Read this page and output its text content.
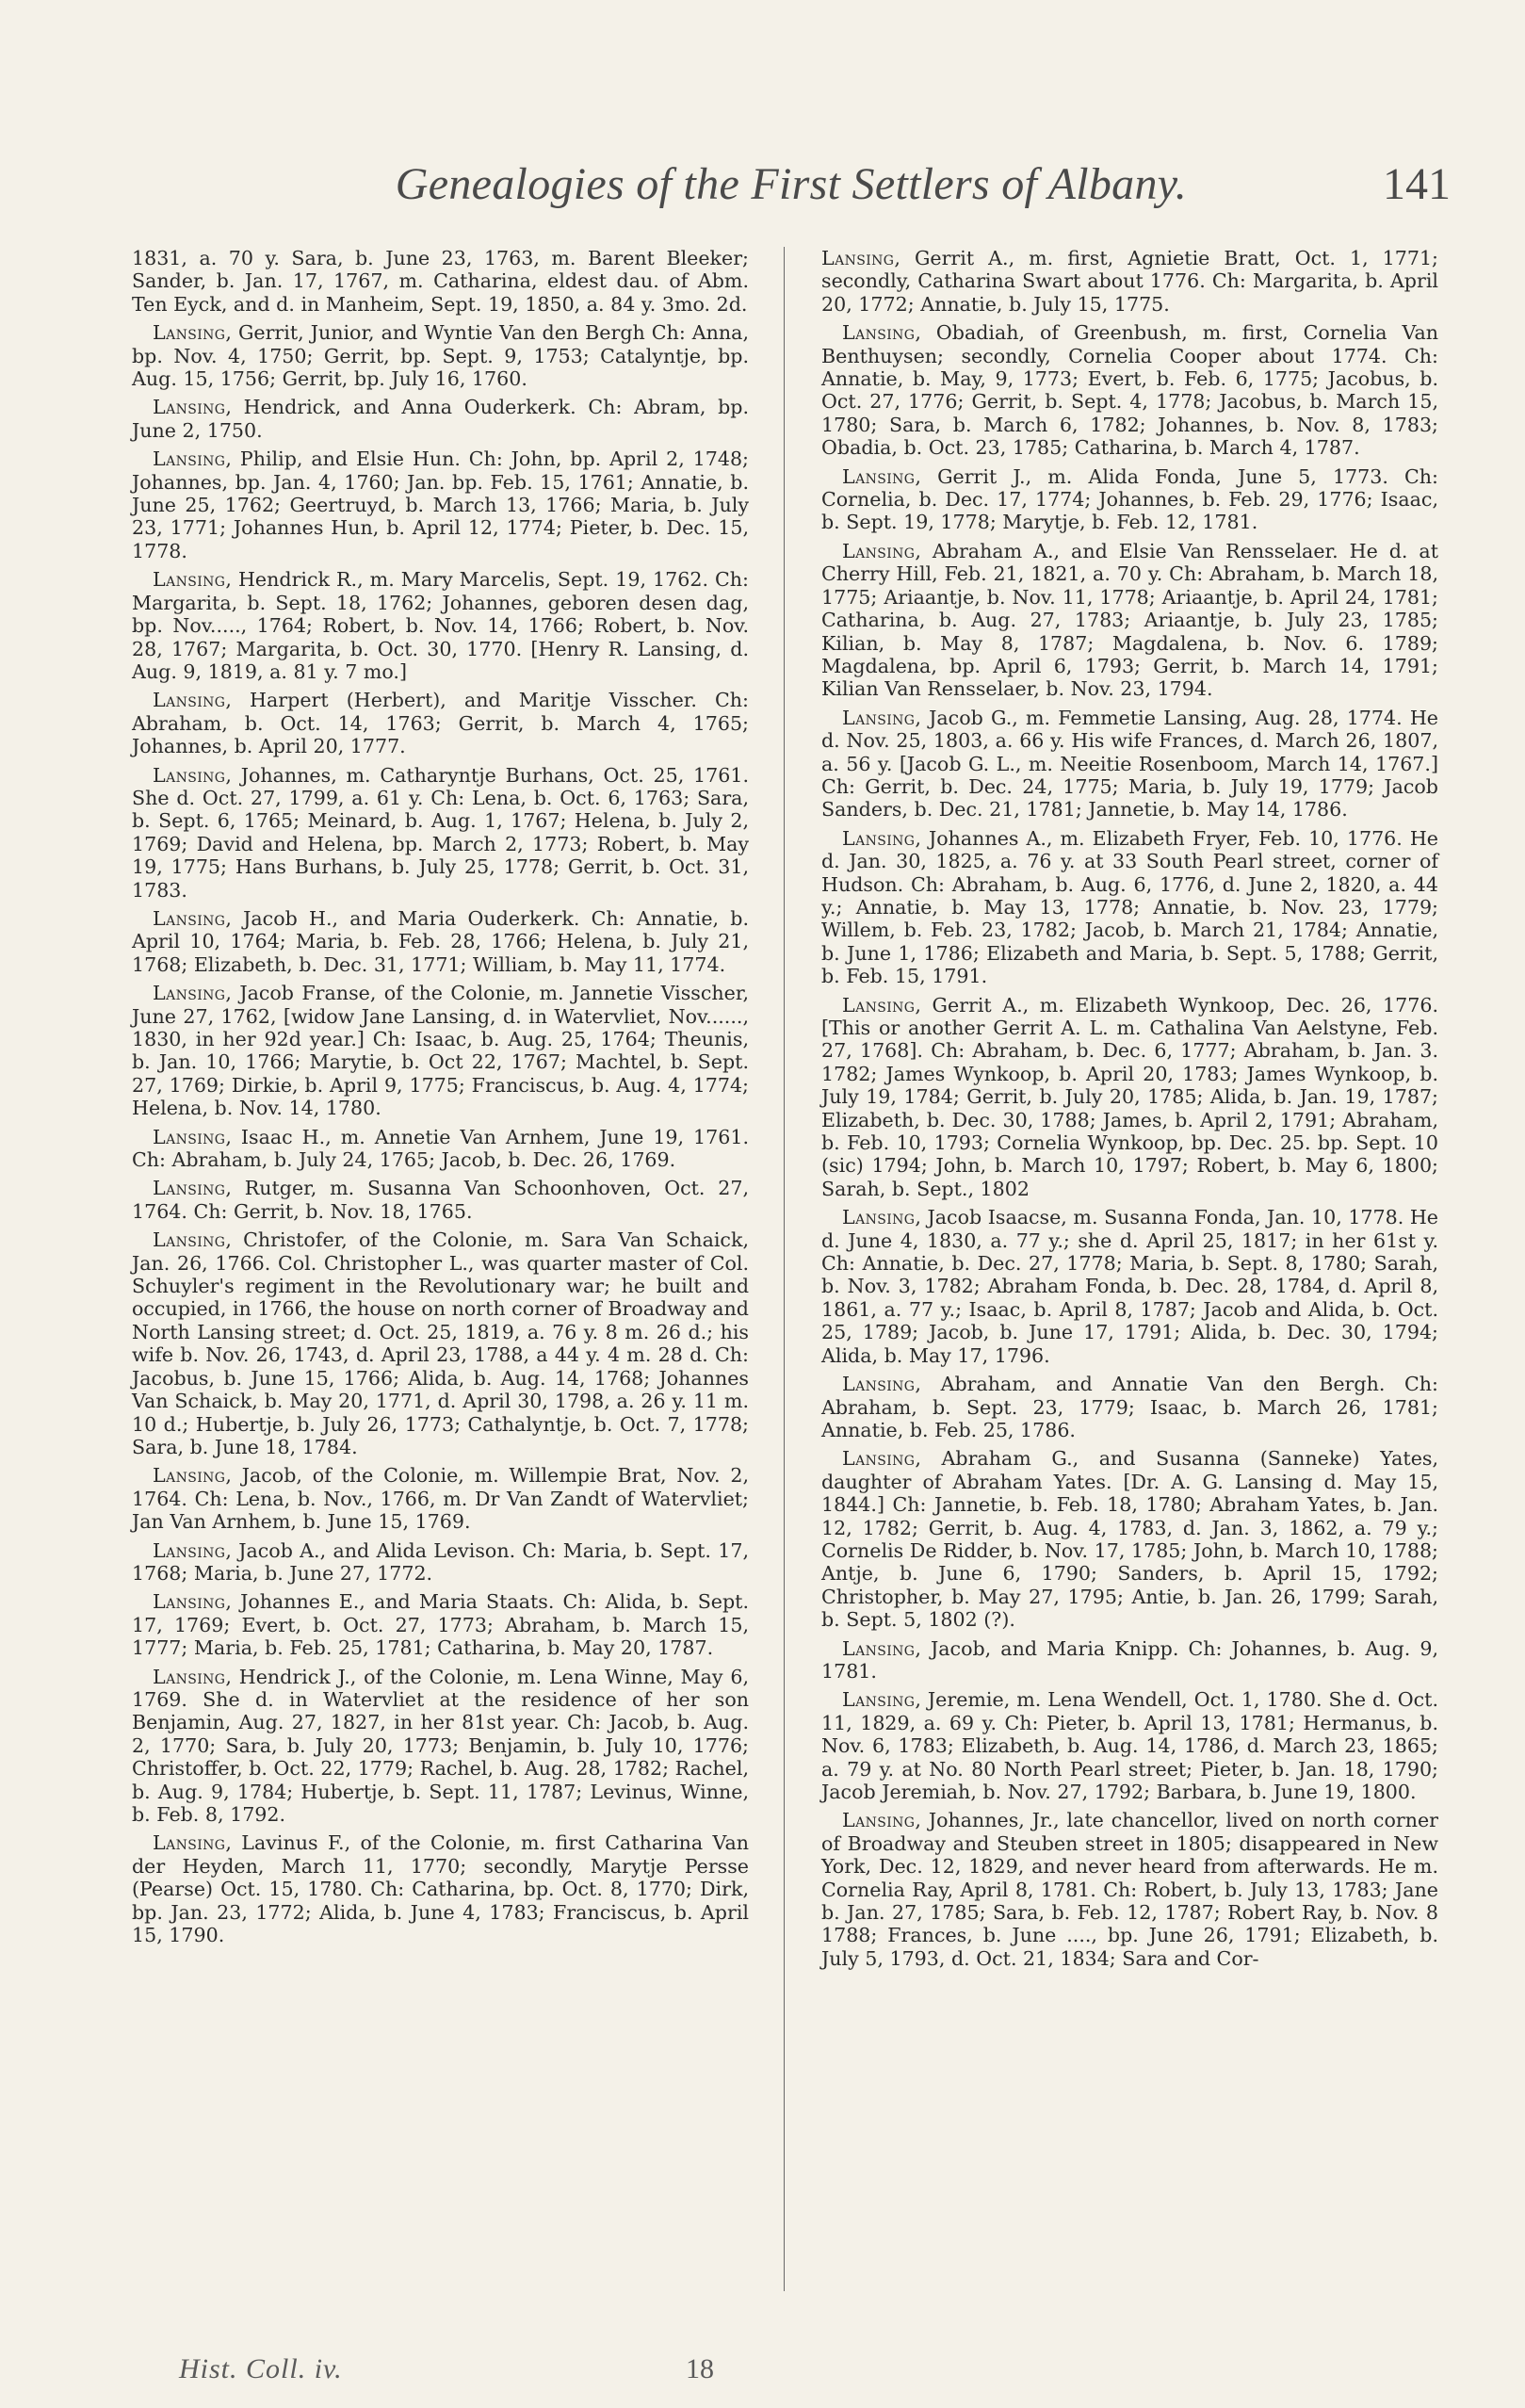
Genealogies of the First Settlers of Albany.	141

1831, a. 70 y. Sara, b. June 23, 1763, m. Barent Bleeker; Sander, b. Jan. 17, 1767, m. Catharina, eldest dau. of Abm. Ten Eyck, and d. in Manheim, Sept. 19, 1850, a. 84 y. 3mo. 2d.

Lansing, Gerrit, Junior, and Wyntie Van den Bergh Ch: Anna, bp. Nov. 4, 1750; Gerrit, bp. Sept. 9, 1753; Catalyntje, bp. Aug. 15, 1756; Gerrit, bp. July 16, 1760.

Lansing, Hendrick, and Anna Ouderkerk. Ch: Abram, bp. June 2, 1750.

Lansing, Philip, and Elsie Hun. Ch: John, bp. April 2, 1748; Johannes, bp. Jan. 4, 1760; Jan. bp. Feb. 15, 1761; Annatie, b. June 25, 1762; Geertruyd, b. March 13, 1766; Maria, b. July 23, 1771; Johannes Hun, b. April 12, 1774; Pieter, b. Dec. 15, 1778.

Lansing, Hendrick R., m. Mary Marcelis, Sept. 19, 1762. Ch: Margarita, b. Sept. 18, 1762; Johannes, geboren desen dag, bp. Nov....., 1764; Robert, b. Nov. 14, 1766; Robert, b. Nov. 28, 1767; Margarita, b. Oct. 30, 1770. [Henry R. Lansing, d. Aug. 9, 1819, a. 81 y. 7 mo.]

Lansing, Harpert (Herbert), and Maritje Visscher. Ch: Abraham, b. Oct. 14, 1763; Gerrit, b. March 4, 1765; Johannes, b. April 20, 1777.

Lansing, Johannes, m. Catharyntje Burhans, Oct. 25, 1761. She d. Oct. 27, 1799, a. 61 y. Ch: Lena, b. Oct. 6, 1763; Sara, b. Sept. 6, 1765; Meinard, b. Aug. 1, 1767; Helena, b. July 2, 1769; David and Helena, bp. March 2, 1773; Robert, b. May 19, 1775; Hans Burhans, b. July 25, 1778; Gerrit, b. Oct. 31, 1783.

Lansing, Jacob H., and Maria Ouderkerk. Ch: Annatie, b. April 10, 1764; Maria, b. Feb. 28, 1766; Helena, b. July 21, 1768; Elizabeth, b. Dec. 31, 1771; William, b. May 11, 1774.

Lansing, Jacob Franse, of the Colonie, m. Jannetie Visscher, June 27, 1762, [widow Jane Lansing, d. in Watervliet, Nov......, 1830, in her 92d year.] Ch: Isaac, b. Aug. 25, 1764; Theunis, b. Jan. 10, 1766; Marytie, b. Oct 22, 1767; Machtel, b. Sept. 27, 1769; Dirkie, b. April 9, 1775; Franciscus, b. Aug. 4, 1774; Helena, b. Nov. 14, 1780.

Lansing, Isaac H., m. Annetie Van Arnhem, June 19, 1761. Ch: Abraham, b. July 24, 1765; Jacob, b. Dec. 26, 1769.

Lansing, Rutger, m. Susanna Van Schoonhoven, Oct. 27, 1764. Ch: Gerrit, b. Nov. 18, 1765.

Lansing, Christofer, of the Colonie, m. Sara Van Schaick, Jan. 26, 1766. Col. Christopher L., was quarter master of Col. Schuyler's regiment in the Revolutionary war; he built and occupied, in 1766, the house on north corner of Broadway and North Lansing street; d. Oct. 25, 1819, a. 76 y. 8 m. 26 d.; his wife b. Nov. 26, 1743, d. April 23, 1788, a 44 y. 4 m. 28 d. Ch: Jacobus, b. June 15, 1766; Alida, b. Aug. 14, 1768; Johannes Van Schaick, b. May 20, 1771, d. April 30, 1798, a. 26 y. 11 m. 10 d.; Hubertje, b. July 26, 1773; Cathalyntje, b. Oct. 7, 1778; Sara, b. June 18, 1784.

Lansing, Jacob, of the Colonie, m. Willempie Brat, Nov. 2, 1764. Ch: Lena, b. Nov., 1766, m. Dr Van Zandt of Watervliet; Jan Van Arnhem, b. June 15, 1769.

Lansing, Jacob A., and Alida Levison. Ch: Maria, b. Sept. 17, 1768; Maria, b. June 27, 1772.

Lansing, Johannes E., and Maria Staats. Ch: Alida, b. Sept. 17, 1769; Evert, b. Oct. 27, 1773; Abraham, b. March 15, 1777; Maria, b. Feb. 25, 1781; Catharina, b. May 20, 1787.

Lansing, Hendrick J., of the Colonie, m. Lena Winne, May 6, 1769. She d. in Watervliet at the residence of her son Benjamin, Aug. 27, 1827, in her 81st year. Ch: Jacob, b. Aug. 2, 1770; Sara, b. July 20, 1773; Benjamin, b. July 10, 1776; Christoffer, b. Oct. 22, 1779; Rachel, b. Aug. 28, 1782; Rachel, b. Aug. 9, 1784; Hubertje, b. Sept. 11, 1787; Levinus, Winne, b. Feb. 8, 1792.

Lansing, Lavinus F., of the Colonie, m. first Catharina Van der Heyden, March 11, 1770; secondly, Marytje Persse (Pearse) Oct. 15, 1780. Ch: Catharina, bp. Oct. 8, 1770; Dirk, bp. Jan. 23, 1772; Alida, b. June 4, 1783; Franciscus, b. April 15, 1790.

Lansing, Gerrit A., m. first, Agnietie Bratt, Oct. 1, 1771; secondly, Catharina Swart about 1776. Ch: Margarita, b. April 20, 1772; Annatie, b. July 15, 1775.

Lansing, Obadiah, of Greenbush, m. first, Cornelia Van Benthuysen; secondly, Cornelia Cooper about 1774. Ch: Annatie, b. May, 9, 1773; Evert, b. Feb. 6, 1775; Jacobus, b. Oct. 27, 1776; Gerrit, b. Sept. 4, 1778; Jacobus, b. March 15, 1780; Sara, b. March 6, 1782; Johannes, b. Nov. 8, 1783; Obadia, b. Oct. 23, 1785; Catharina, b. March 4, 1787.

Lansing, Gerrit J., m. Alida Fonda, June 5, 1773. Ch: Cornelia, b. Dec. 17, 1774; Johannes, b. Feb. 29, 1776; Isaac, b. Sept. 19, 1778; Marytje, b. Feb. 12, 1781.

Lansing, Abraham A., and Elsie Van Rensselaer. He d. at Cherry Hill, Feb. 21, 1821, a. 70 y. Ch: Abraham, b. March 18, 1775; Ariaantje, b. Nov. 11, 1778; Ariaantje, b. April 24, 1781; Catharina, b. Aug. 27, 1783; Ariaantje, b. July 23, 1785; Kilian, b. May 8, 1787; Magdalena, b. Nov. 6. 1789; Magdalena, bp. April 6, 1793; Gerrit, b. March 14, 1791; Kilian Van Rensselaer, b. Nov. 23, 1794.

Lansing, Jacob G., m. Femmetie Lansing, Aug. 28, 1774. He d. Nov. 25, 1803, a. 66 y. His wife Frances, d. March 26, 1807, a. 56 y. [Jacob G. L., m. Neeitie Rosenboom, March 14, 1767.] Ch: Gerrit, b. Dec. 24, 1775; Maria, b. July 19, 1779; Jacob Sanders, b. Dec. 21, 1781; Jannetie, b. May 14, 1786.

Lansing, Johannes A., m. Elizabeth Fryer, Feb. 10, 1776. He d. Jan. 30, 1825, a. 76 y. at 33 South Pearl street, corner of Hudson. Ch: Abraham, b. Aug. 6, 1776, d. June 2, 1820, a. 44 y.; Annatie, b. May 13, 1778; Annatie, b. Nov. 23, 1779; Willem, b. Feb. 23, 1782; Jacob, b. March 21, 1784; Annatie, b. June 1, 1786; Elizabeth and Maria, b. Sept. 5, 1788; Gerrit, b. Feb. 15, 1791.

Lansing, Gerrit A., m. Elizabeth Wynkoop, Dec. 26, 1776. [This or another Gerrit A. L. m. Cathalina Van Aelstyne, Feb. 27, 1768]. Ch: Abraham, b. Dec. 6, 1777; Abraham, b. Jan. 3. 1782; James Wynkoop, b. April 20, 1783; James Wynkoop, b. July 19, 1784; Gerrit, b. July 20, 1785; Alida, b. Jan. 19, 1787; Elizabeth, b. Dec. 30, 1788; James, b. April 2, 1791; Abraham, b. Feb. 10, 1793; Cornelia Wynkoop, bp. Dec. 25. bp. Sept. 10 (sic) 1794; John, b. March 10, 1797; Robert, b. May 6, 1800; Sarah, b. Sept., 1802

Lansing, Jacob Isaacse, m. Susanna Fonda, Jan. 10, 1778. He d. June 4, 1830, a. 77 y.; she d. April 25, 1817; in her 61st y. Ch: Annatie, b. Dec. 27, 1778; Maria, b. Sept. 8, 1780; Sarah, b. Nov. 3, 1782; Abraham Fonda, b. Dec. 28, 1784, d. April 8, 1861, a. 77 y.; Isaac, b. April 8, 1787; Jacob and Alida, b. Oct. 25, 1789; Jacob, b. June 17, 1791; Alida, b. Dec. 30, 1794; Alida, b. May 17, 1796.

Lansing, Abraham, and Annatie Van den Bergh. Ch: Abraham, b. Sept. 23, 1779; Isaac, b. March 26, 1781; Annatie, b. Feb. 25, 1786.

Lansing, Abraham G., and Susanna (Sanneke) Yates, daughter of Abraham Yates. [Dr. A. G. Lansing d. May 15, 1844.] Ch: Jannetie, b. Feb. 18, 1780; Abraham Yates, b. Jan. 12, 1782; Gerrit, b. Aug. 4, 1783, d. Jan. 3, 1862, a. 79 y.; Cornelis De Ridder, b. Nov. 17, 1785; John, b. March 10, 1788; Antje, b. June 6, 1790; Sanders, b. April 15, 1792; Christopher, b. May 27, 1795; Antie, b. Jan. 26, 1799; Sarah, b. Sept. 5, 1802 (?).

Lansing, Jacob, and Maria Knipp. Ch: Johannes, b. Aug. 9, 1781.

Lansing, Jeremie, m. Lena Wendell, Oct. 1, 1780. She d. Oct. 11, 1829, a. 69 y. Ch: Pieter, b. April 13, 1781; Hermanus, b. Nov. 6, 1783; Elizabeth, b. Aug. 14, 1786, d. March 23, 1865; a. 79 y. at No. 80 North Pearl street; Pieter, b. Jan. 18, 1790; Jacob Jeremiah, b. Nov. 27, 1792; Barbara, b. June 19, 1800.

Lansing, Johannes, Jr., late chancellor, lived on north corner of Broadway and Steuben street in 1805; disappeared in New York, Dec. 12, 1829, and never heard from afterwards. He m. Cornelia Ray, April 8, 1781. Ch: Robert, b. July 13, 1783; Jane b. Jan. 27, 1785; Sara, b. Feb. 12, 1787; Robert Ray, b. Nov. 8 1788; Frances, b. June ...., bp. June 26, 1791; Elizabeth, b. July 5, 1793, d. Oct. 21, 1834; Sara and Cor-

Hist. Coll. iv.	18
